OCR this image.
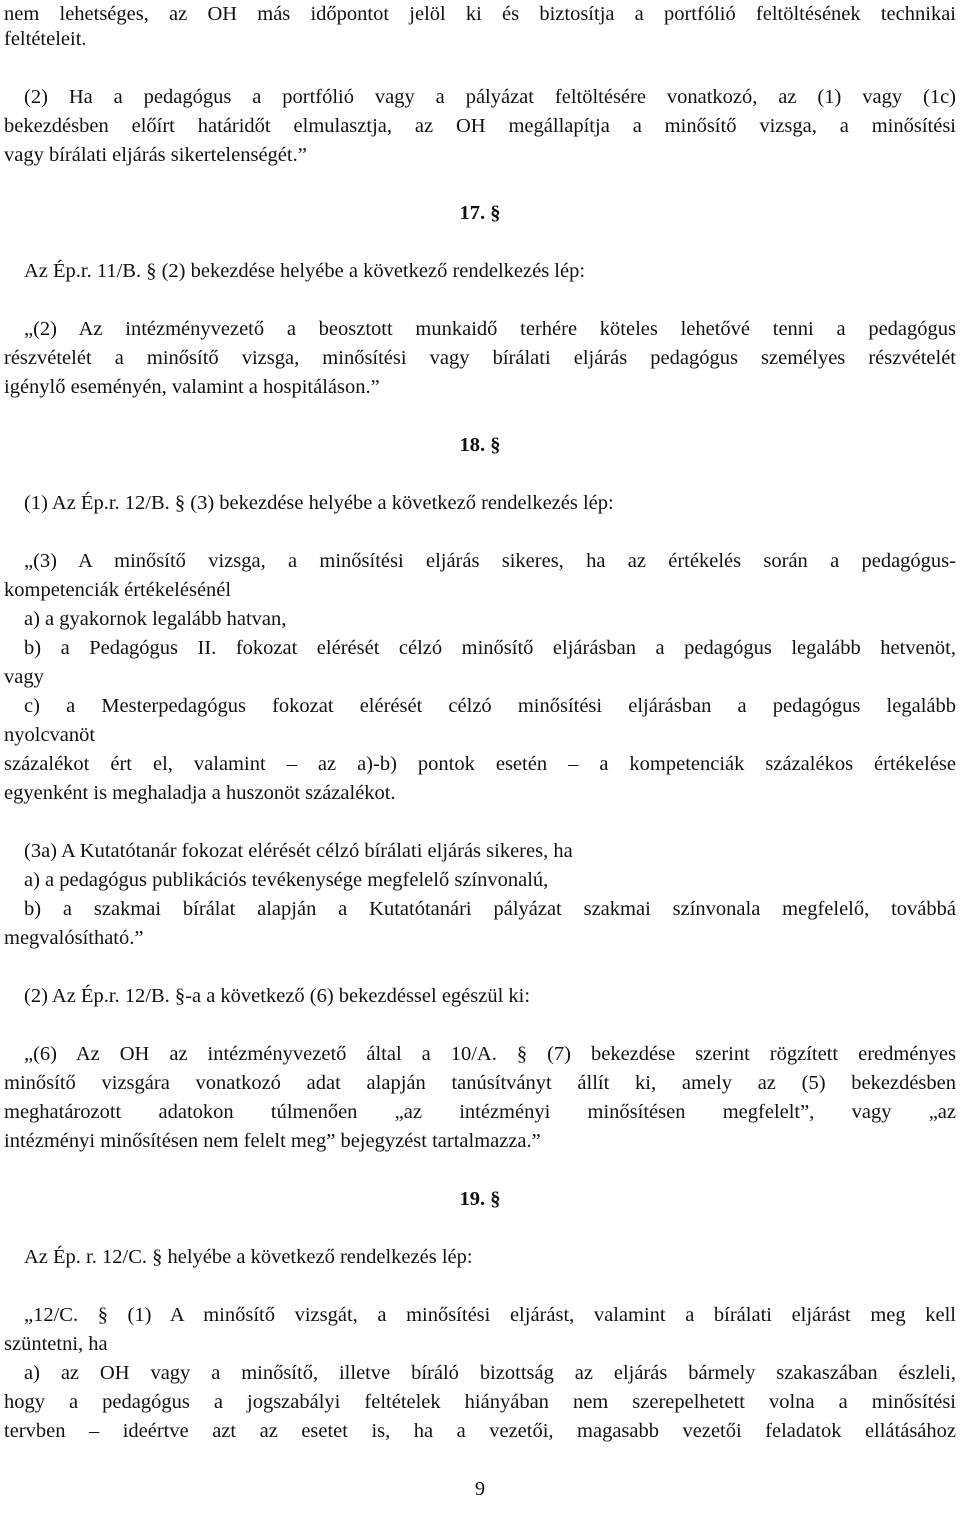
nem lehetséges, az OH más időpontot jelöl ki és biztosítja a portfólió feltöltésének technikai
feltételeit.
(2) Ha a pedagógus a portfólió vagy a pályázat feltöltésére vonatkozó, az (1) vagy (1c)
bekezdésben előírt határidőt elmulasztja, az OH megállapítja a minősítő vizsga, a minősítési
vagy bírálati eljárás sikertelenségét.”
17. §
Az Ép.r. 11/B. § (2) bekezdése helyébe a következő rendelkezés lép:
„(2) Az intézményvezető a beosztott munkaidő terhére köteles lehetővé tenni a pedagógus
részvételét a minősítő vizsga, minősítési vagy bírálati eljárás pedagógus személyes részvételét
igénylő eseményén, valamint a hospitáláson.”
18. §
(1) Az Ép.r. 12/B. § (3) bekezdése helyébe a következő rendelkezés lép:
„(3) A minősítő vizsga, a minősítési eljárás sikeres, ha az értékelés során a pedagógus-
kompetenciák értékelésénél
a) a gyakornok legalább hatvan,
b) a Pedagógus II. fokozat elérését célzó minősítő eljárásban a pedagógus legalább hetvenöt,
vagy
c) a Mesterpedagógus fokozat elérését célzó minősítési eljárásban a pedagógus legalább
nyolcvanöt
százalékot ért el, valamint – az a)-b) pontok esetén – a kompetenciák százalékos értékelése
egyenként is meghaladja a huszonöt százalékot.
(3a) A Kutatótanár fokozat elérését célzó bírálati eljárás sikeres, ha
a) a pedagógus publikációs tevékenysége megfelelő színvonalú,
b) a szakmai bírálat alapján a Kutatótanári pályázat szakmai színvonala megfelelő, továbbá
megvalósítható.”
(2) Az Ép.r. 12/B. §-a a következő (6) bekezdéssel egészül ki:
„(6) Az OH az intézményvezető által a 10/A. § (7) bekezdése szerint rögzített eredményes
minősítő vizsgára vonatkozó adat alapján tanúsítványt állít ki, amely az (5) bekezdésben
meghatározott adatokon túlmenően „az intézményi minősítésen megfelelt”, vagy „az
intézményi minősítésen nem felelt meg” bejegyzést tartalmazza.”
19. §
Az Ép. r. 12/C. § helyébe a következő rendelkezés lép:
„12/C. § (1) A minősítő vizsgát, a minősítési eljárást, valamint a bírálati eljárást meg kell
szüntetni, ha
a) az OH vagy a minősítő, illetve bíráló bizottság az eljárás bármely szakaszában észleli,
hogy a pedagógus a jogszabályi feltételek hiányában nem szerepelhetett volna a minősítési
tervben – ideértve azt az esetet is, ha a vezetői, magasabb vezetői feladatok ellátásához
9
